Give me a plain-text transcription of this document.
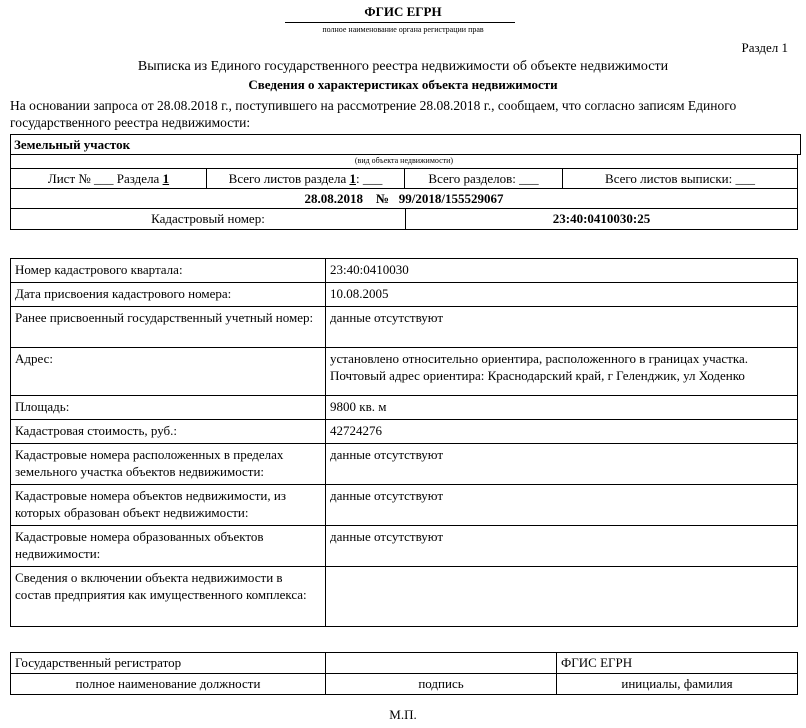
ФГИС ЕГРН
полное наименование органа регистрации прав
Раздел 1
Выписка из Единого государственного реестра недвижимости об объекте недвижимости
Сведения о характеристиках объекта недвижимости
На основании запроса от 28.08.2018 г., поступившего на рассмотрение 28.08.2018 г., сообщаем, что согласно записям Единого государственного реестра недвижимости:
Земельный участок
(вид объекта недвижимости)
Лист № ___ Раздела 1	Всего листов раздела 1: ___	Всего разделов: ___	Всего листов выписки: ___
28.08.2018 № 99/2018/155529067
Кадастровый номер:	23:40:0410030:25
Номер кадастрового квартала:	23:40:0410030
Дата присвоения кадастрового номера:	10.08.2005
Ранее присвоенный государственный учетный номер:	данные отсутствуют
Адрес:	установлено относительно ориентира, расположенного в границах участка. Почтовый адрес ориентира: Краснодарский край, г Геленджик, ул Ходенко
Площадь:	9800 кв. м
Кадастровая стоимость, руб.:	42724276
Кадастровые номера расположенных в пределах земельного участка объектов недвижимости:	данные отсутствуют
Кадастровые номера объектов недвижимости, из которых образован объект недвижимости:	данные отсутствуют
Кадастровые номера образованных объектов недвижимости:	данные отсутствуют
Сведения о включении объекта недвижимости в состав предприятия как имущественного комплекса:	
Государственный регистратор		ФГИС ЕГРН
полное наименование должности	подпись	инициалы, фамилия
М.П.
